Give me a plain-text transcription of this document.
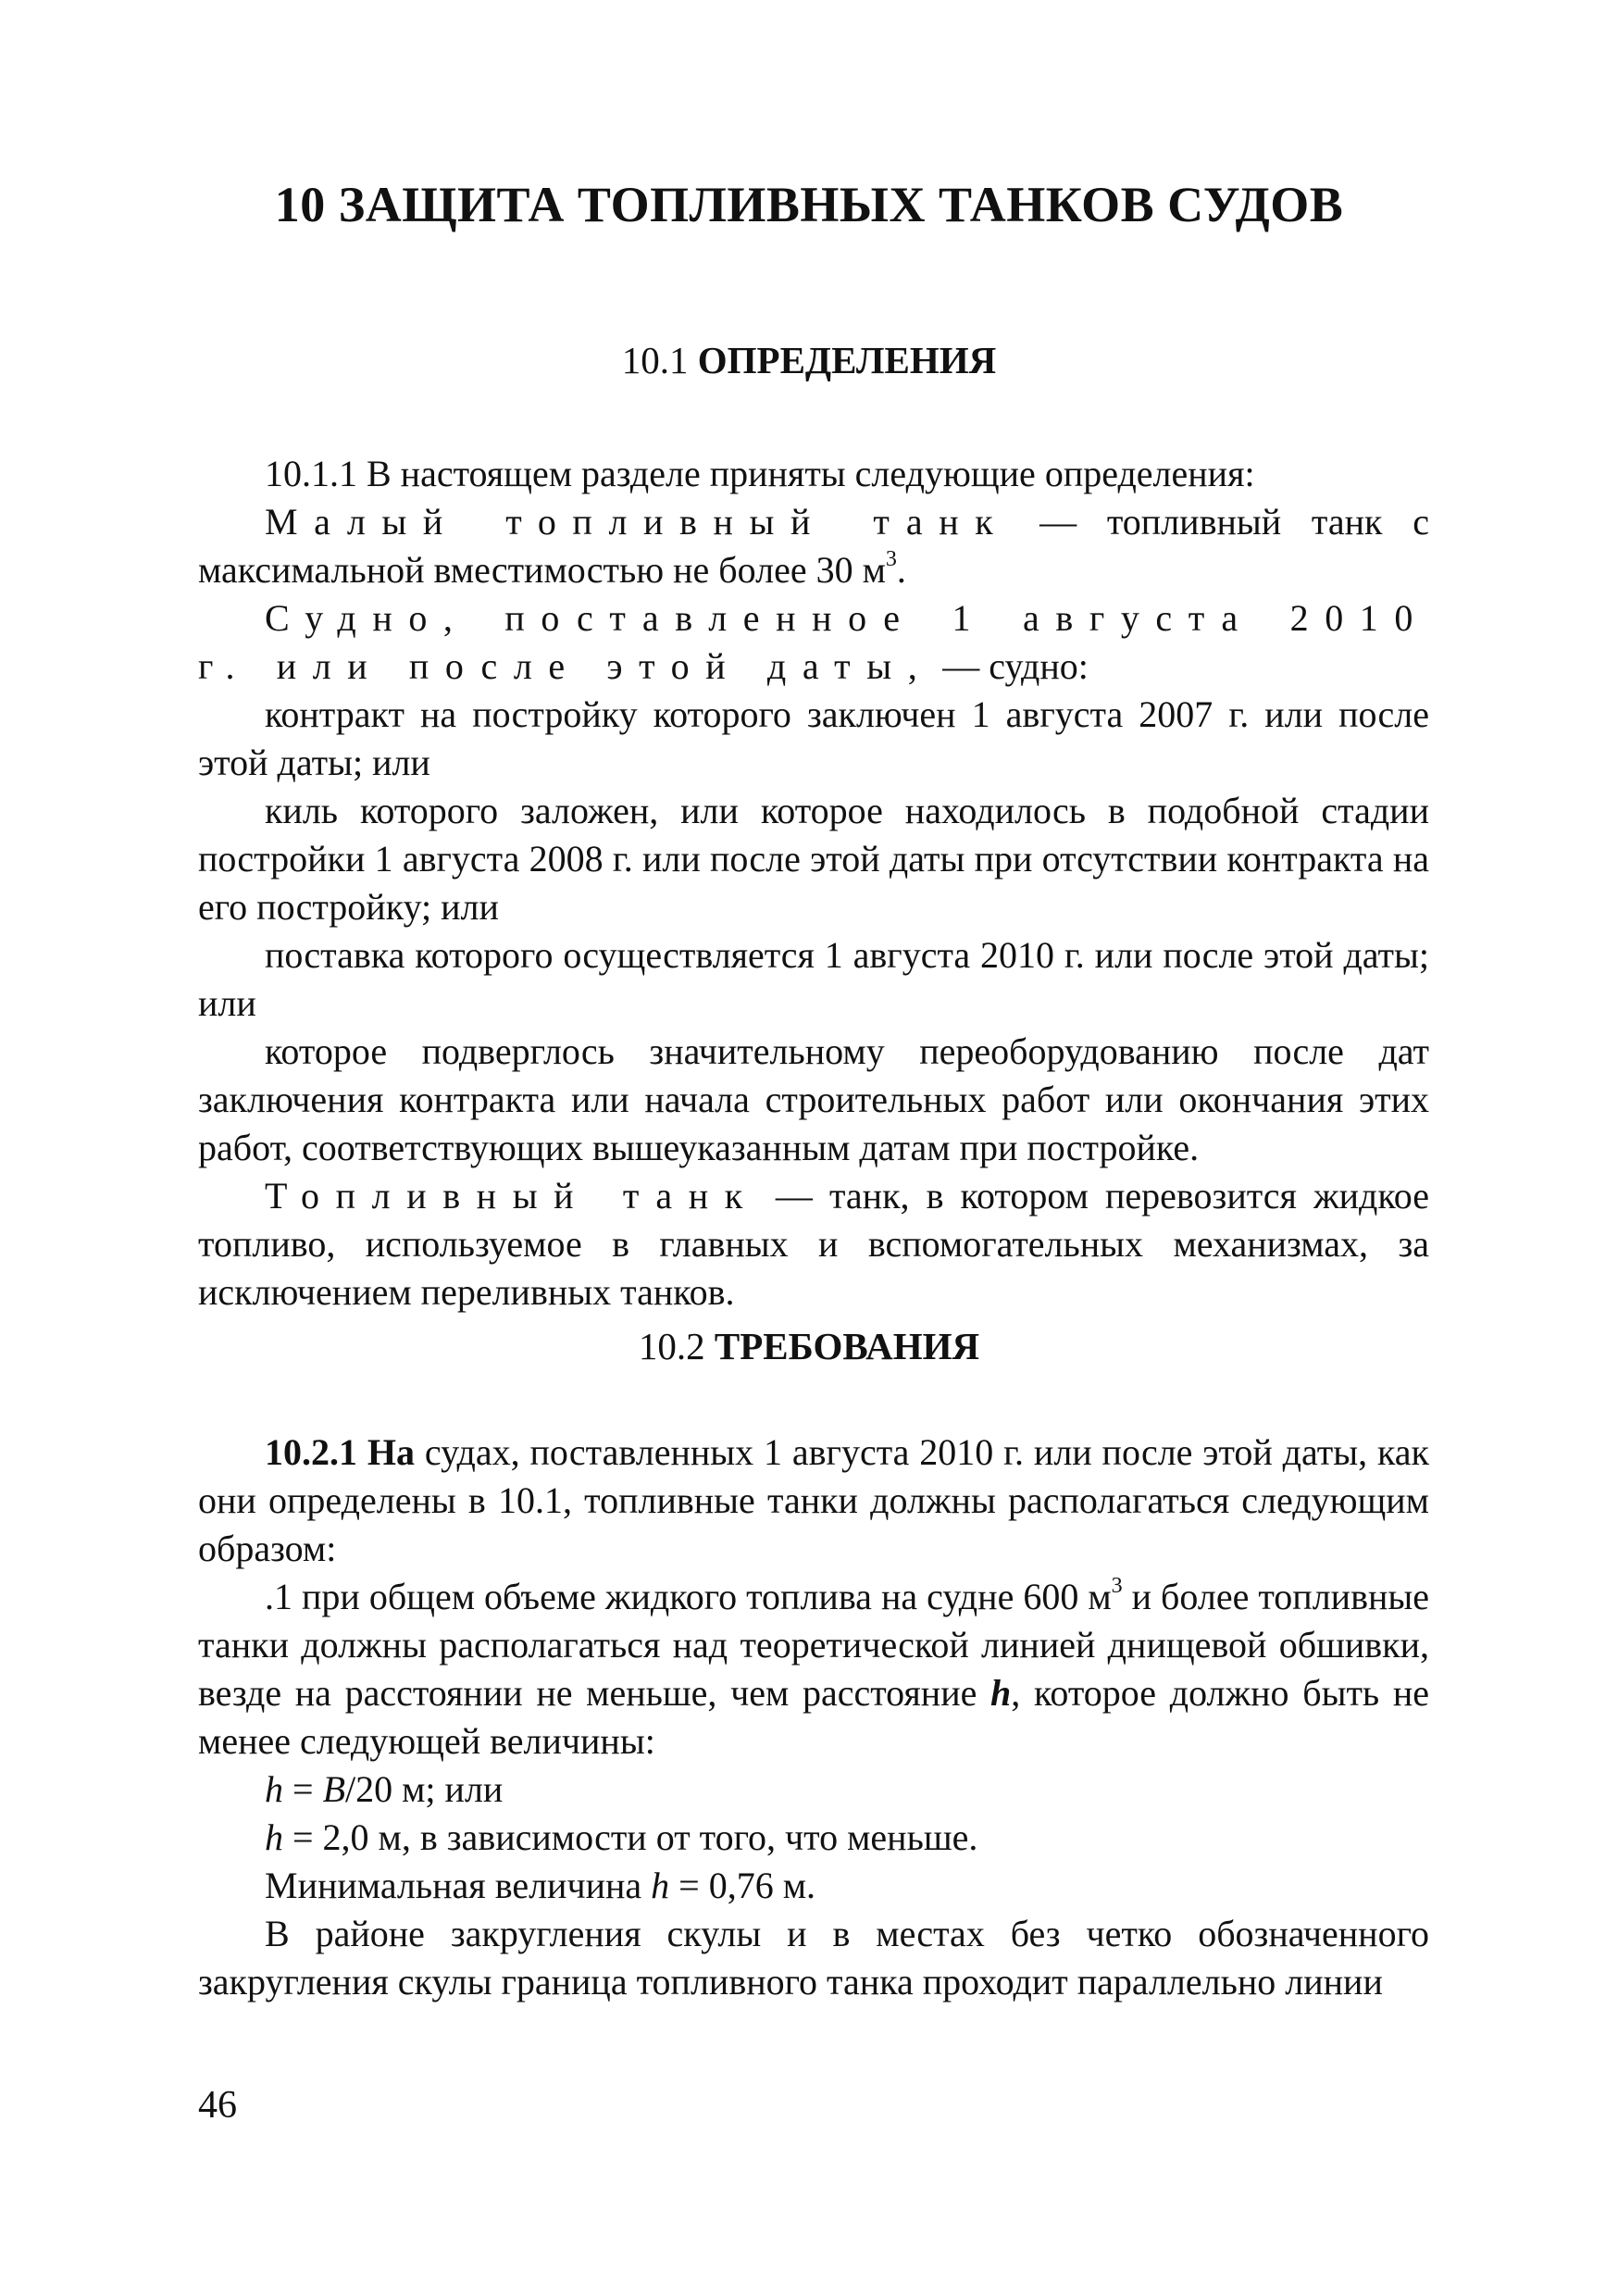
10 ЗАЩИТА ТОПЛИВНЫХ ТАНКОВ СУДОВ
10.1 ОПРЕДЕЛЕНИЯ

10.1.1 В настоящем разделе приняты следующие определения:

Малый топливный танк — топливный танк с максимальной вместимостью не более 30 $м^3$.

Судно, поставленное 1 августа 2010 г. или после этой даты, — судно:

контракт на постройку которого заключен 1 августа 2007 г. или после этой даты; или

киль которого заложен, или которое находилось в подобной стадии постройки 1 августа 2008 г. или после этой даты при отсутствии контракта на его постройку; или

поставка которого осуществляется 1 августа 2010 г. или после этой даты; или

которое подверглось значительному переоборудованию после дат заключения контракта или начала строительных работ или окончания этих работ, соответствующих вышеуказанным датам при постройке.

Топливный танк — танк, в котором перевозится жидкое топливо, используемое в главных и вспомогательных механизмах, за исключением переливных танков.

10.2 ТРЕБОВАНИЯ

10.2.1 На судах, поставленных 1 августа 2010 г. или после этой даты, как они определены в 10.1, топливные танки должны располагаться следующим образом:

.1 при общем объеме жидкого топлива на судне 600 $м^3$ и более топливные танки должны располагаться над теоретической линией днищевой обшивки, везде на расстоянии не меньше, чем расстояние h, которое должно быть не менее следующей величины:

h = B/20 м; или

h = 2,0 м, в зависимости от того, что меньше.

Минимальная величина h = 0,76 м.

В районе закругления скулы и в местах без четко обозначенного закругления скулы граница топливного танка проходит параллельно линии

46
